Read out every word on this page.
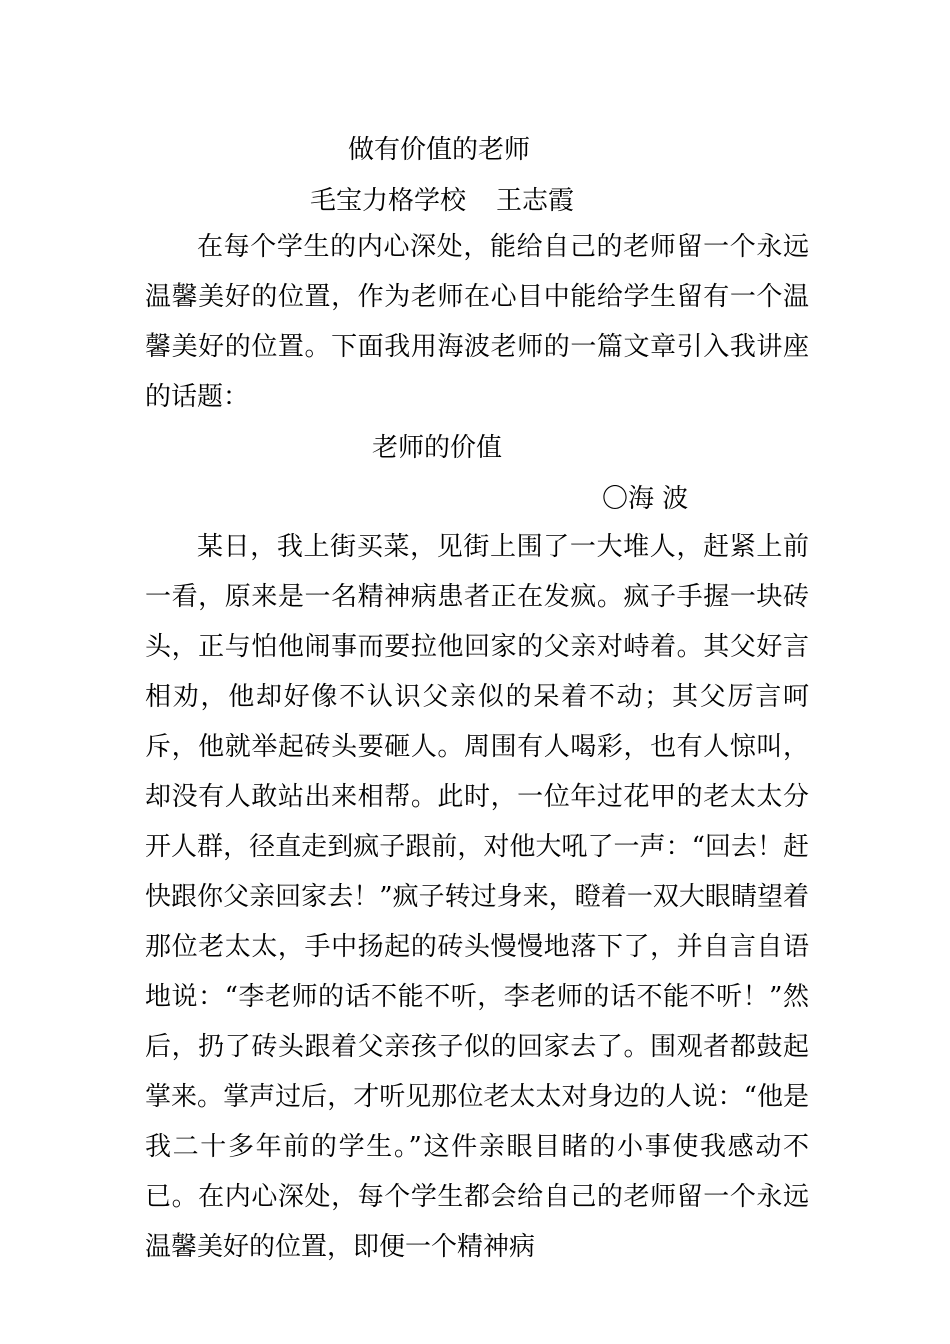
做有价值的老师
毛宝力格学校 王志霞

在每个学生的内心深处，能给自己的老师留一个永远温馨美好的位置，作为老师在心目中能给学生留有一个温馨美好的位置。下面我用海波老师的一篇文章引入我讲座的话题：

老师的价值
〇海 波

某日，我上街买菜，见街上围了一大堆人，赶紧上前一看，原来是一名精神病患者正在发疯。疯子手握一块砖头，正与怕他闹事而要拉他回家的父亲对峙着。其父好言相劝，他却好像不认识父亲似的呆着不动；其父厉言呵斥，他就举起砖头要砸人。周围有人喝彩，也有人惊叫，却没有人敢站出来相帮。此时，一位年过花甲的老太太分开人群，径直走到疯子跟前，对他大吼了一声：“回去！赶快跟你父亲回家去！”疯子转过身来，瞪着一双大眼睛望着那位老太太，手中扬起的砖头慢慢地落下了，并自言自语地说：“李老师的话不能不听，李老师的话不能不听！”然后，扔了砖头跟着父亲孩子似的回家去了。围观者都鼓起掌来。掌声过后，才听见那位老太太对身边的人说：“他是我二十多年前的学生。”这件亲眼目睹的小事使我感动不已。在内心深处，每个学生都会给自己的老师留一个永远温馨美好的位置，即便一个精神病
